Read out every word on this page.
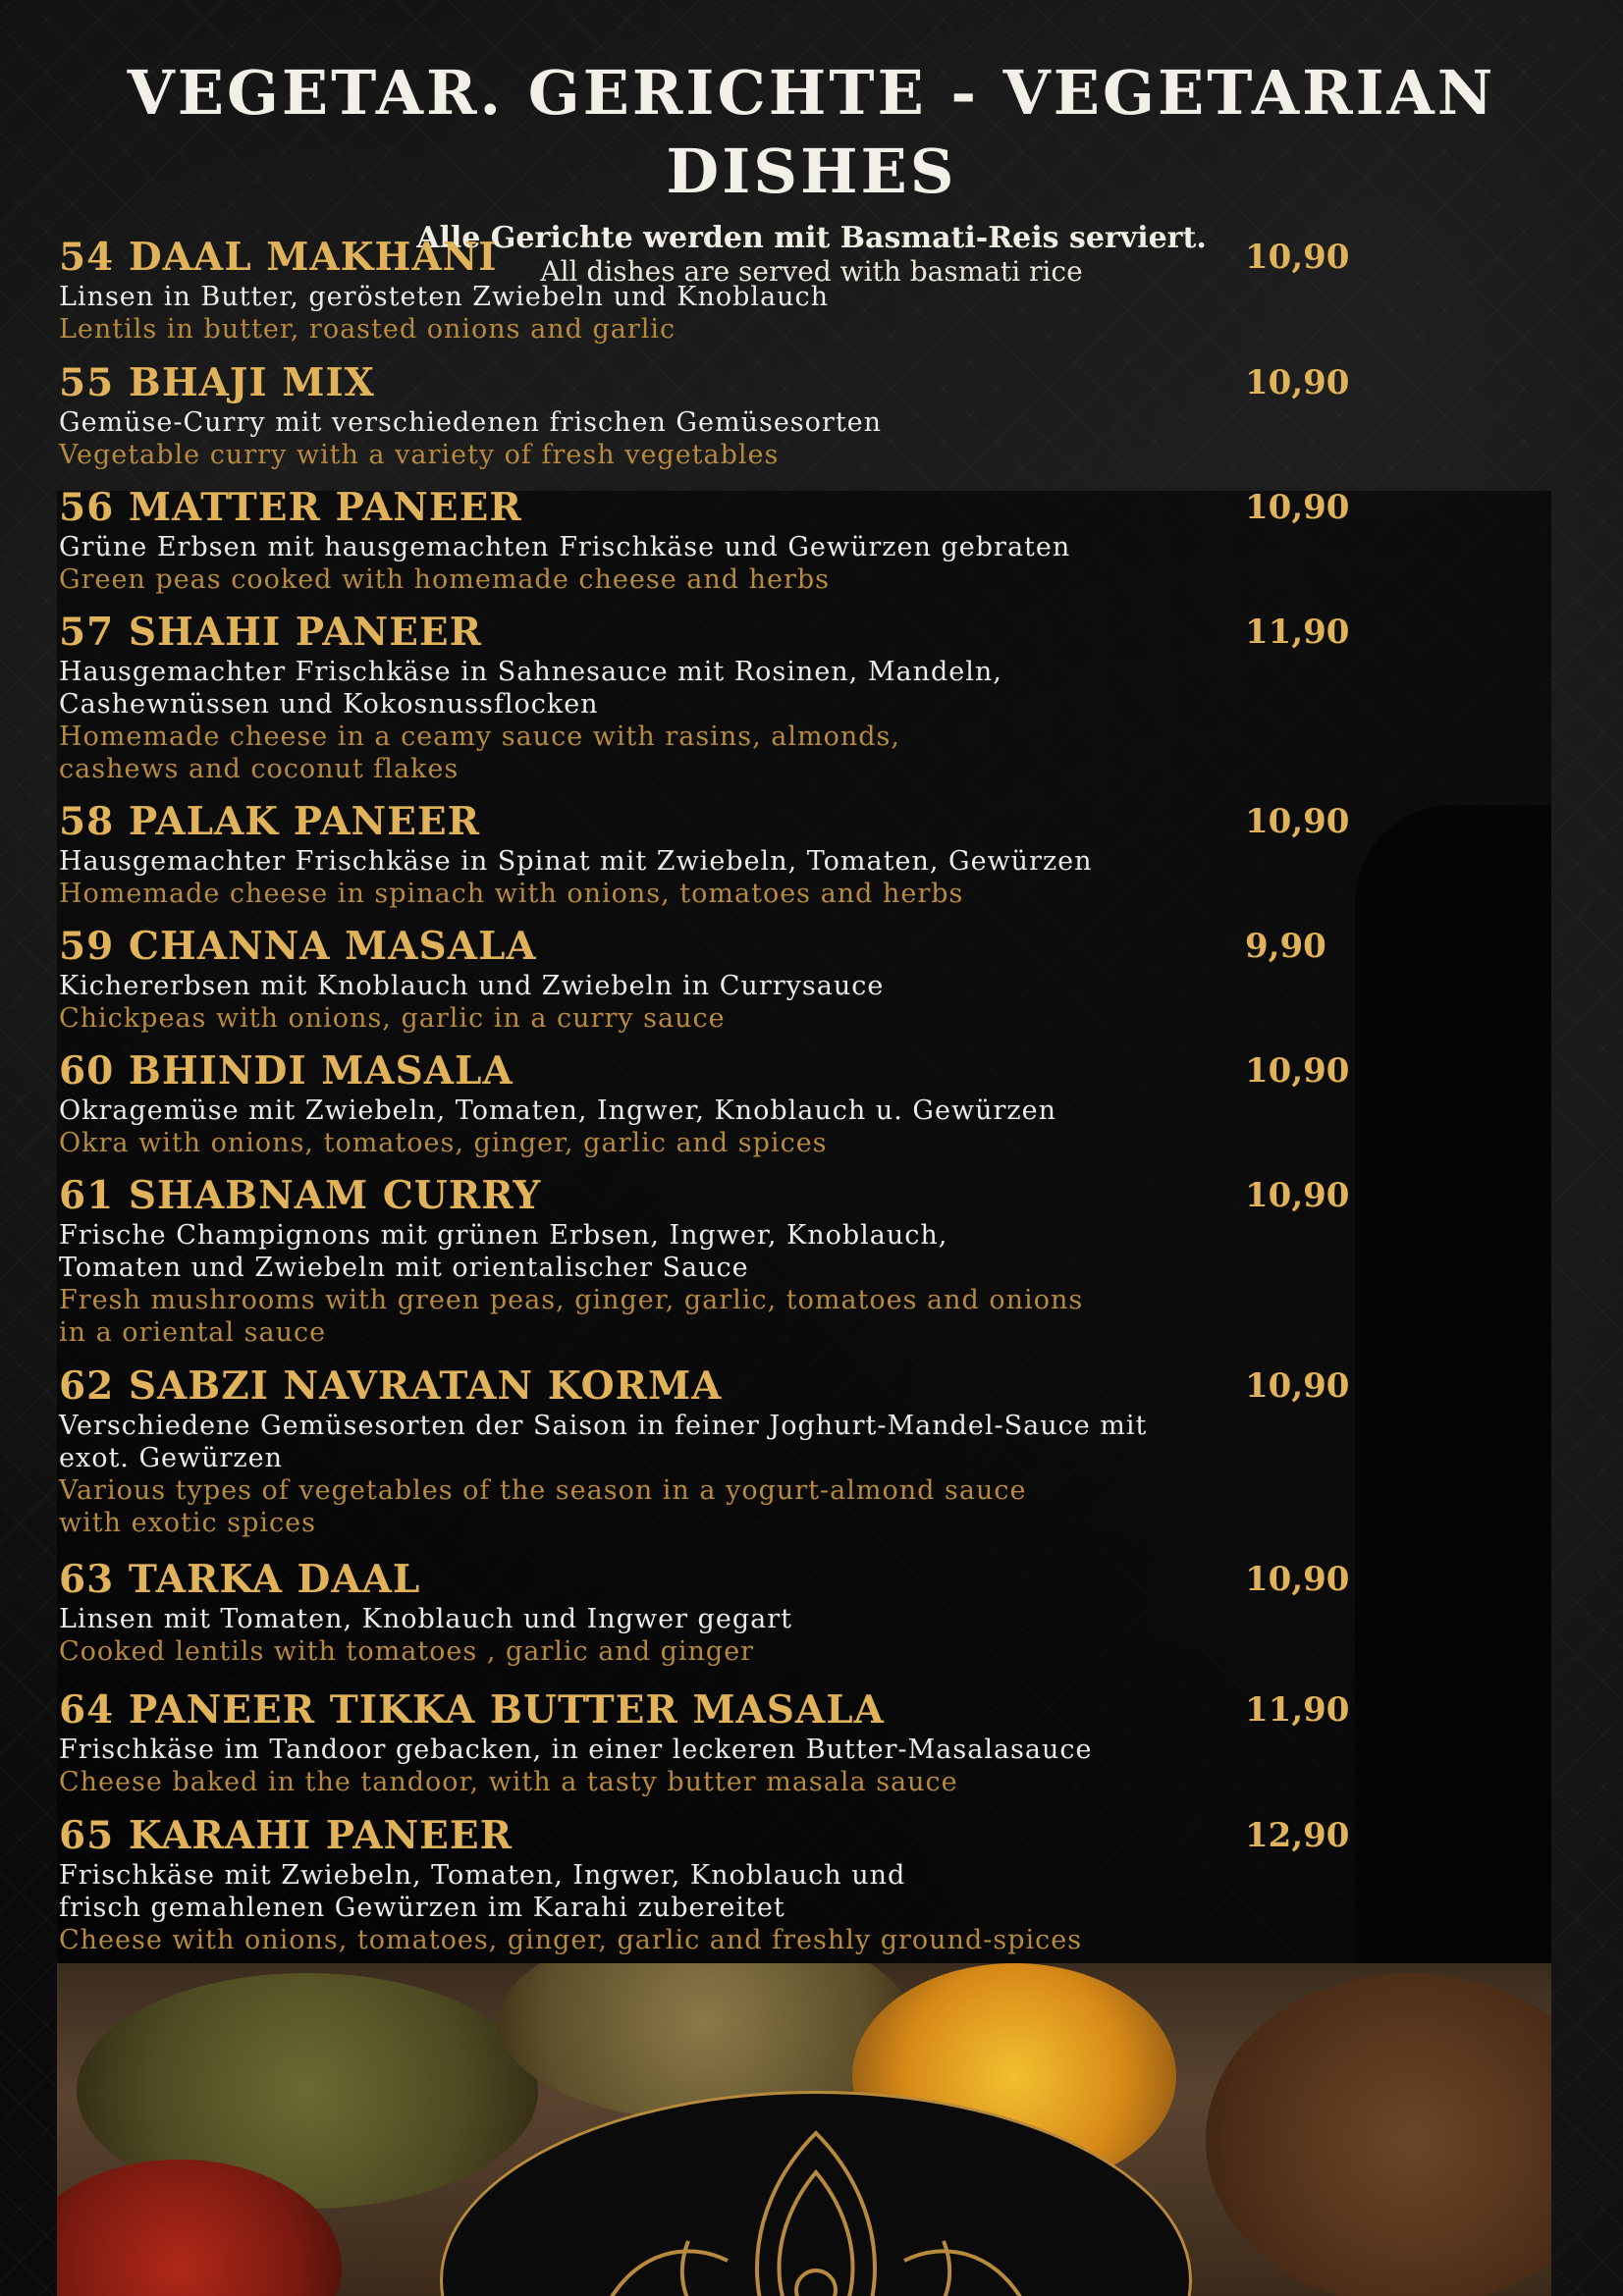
VEGETAR. GERICHTE - VEGETARIAN DISHES
Alle Gerichte werden mit Basmati-Reis serviert.
All dishes are served with basmati rice
54 DAAL MAKHANI	10,90
Linsen in Butter, gerösteten Zwiebeln und Knoblauch
Lentils in butter, roasted onions and garlic
55 BHAJI MIX	10,90
Gemüse-Curry mit verschiedenen frischen Gemüsesorten
Vegetable curry with a variety of fresh vegetables
56 MATTER PANEER	10,90
Grüne Erbsen mit hausgemachten Frischkäse und Gewürzen gebraten
Green peas cooked with homemade cheese and herbs
57 SHAHI PANEER	11,90
Hausgemachter Frischkäse in Sahnesauce mit Rosinen, Mandeln,
Cashewnüssen und Kokosnussflocken
Homemade cheese in a ceamy sauce with rasins, almonds,
cashews and coconut flakes
58 PALAK PANEER	10,90
Hausgemachter Frischkäse in Spinat mit Zwiebeln, Tomaten, Gewürzen
Homemade cheese in spinach with onions, tomatoes and herbs
59 CHANNA MASALA	9,90
Kichererbsen mit Knoblauch und Zwiebeln in Currysauce
Chickpeas with onions, garlic in a curry sauce
60 BHINDI MASALA	10,90
Okragemüse mit Zwiebeln, Tomaten, Ingwer, Knoblauch u. Gewürzen
Okra with onions, tomatoes, ginger, garlic and spices
61 SHABNAM CURRY	10,90
Frische Champignons mit grünen Erbsen, Ingwer, Knoblauch,
Tomaten und Zwiebeln mit orientalischer Sauce
Fresh mushrooms with green peas, ginger, garlic, tomatoes and onions
in a oriental sauce
62 SABZI NAVRATAN KORMA	10,90
Verschiedene Gemüsesorten der Saison in feiner Joghurt-Mandel-Sauce mit
exot. Gewürzen
Various types of vegetables of the season in a yogurt-almond sauce
with exotic spices
63 TARKA DAAL	10,90
Linsen mit Tomaten, Knoblauch und Ingwer gegart
Cooked lentils with tomatoes , garlic and ginger
64 PANEER TIKKA BUTTER MASALA	11,90
Frischkäse im Tandoor gebacken, in einer leckeren Butter-Masalasauce
Cheese baked in the tandoor, with a tasty butter masala sauce
65 KARAHI PANEER	12,90
Frischkäse mit Zwiebeln, Tomaten, Ingwer, Knoblauch und
frisch gemahlenen Gewürzen im Karahi zubereitet
Cheese with onions, tomatoes, ginger, garlic and freshly ground-spices
